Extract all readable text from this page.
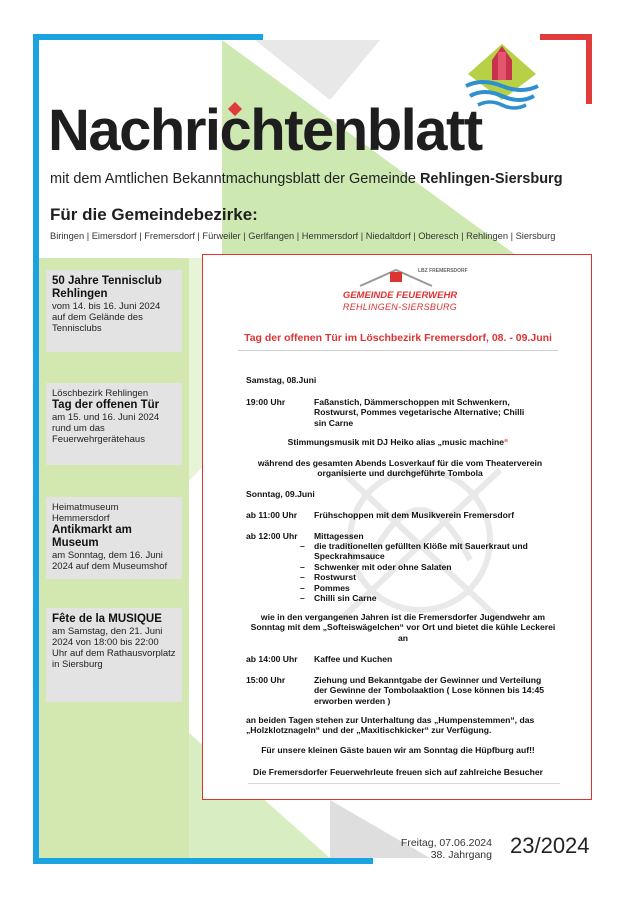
Nachrichtenblatt
mit dem Amtlichen Bekanntmachungsblatt der Gemeinde Rehlingen-Siersburg
Für die Gemeindebezirke:
Biringen | Eimersdorf | Fremersdorf | Fürweiler | Gerlfangen | Hemmersdorf | Niedaltdorf | Oberesch | Rehlingen | Siersburg
50 Jahre Tennisclub Rehlingen
vom 14. bis 16. Juni 2024 auf dem Gelände des Tennisclubs
Löschbezirk Rehlingen
Tag der offenen Tür
am 15. und 16. Juni 2024 rund um das Feuerwehrgerätehaus
Heimatmuseum Hemmersdorf
Antikmarkt am Museum
am Sonntag, dem 16. Juni 2024 auf dem Museumshof
Fête de la MUSIQUE
am Samstag, den 21. Juni 2024 von 18:00 bis 22:00 Uhr auf dem Rathausvorplatz in Siersburg
LBZ FREMERSDORF
GEMEINDE FEUERWEHR
REHLINGEN-SIERSBURG
Tag der offenen Tür im Löschbezirk Fremersdorf, 08. - 09.Juni
Samstag, 08.Juni
19:00 Uhr	Faßanstich, Dämmerschoppen mit Schwenkern, Rostwurst, Pommes vegetarische Alternative; Chilli sin Carne
Stimmungsmusik mit DJ Heiko alias „music machine“
während des gesamten Abends Losverkauf für die vom Theaterverein organisierte und durchgeführte Tombola
Sonntag, 09.Juni
ab 11:00 Uhr Frühschoppen mit dem Musikverein Fremersdorf
ab 12:00 Uhr Mittagessen
–	die traditionellen gefüllten Klöße mit Sauerkraut und Speckrahmsauce
–	Schwenker mit oder ohne Salaten
–	Rostwurst
–	Pommes
–	Chilli sin Carne
wie in den vergangenen Jahren ist die Fremersdorfer Jugendwehr am Sonntag mit dem „Softeiswägelchen“ vor Ort und bietet die kühle Leckerei an
ab 14:00 Uhr Kaffee und Kuchen
15:00 Uhr	Ziehung und Bekanntgabe der Gewinner und Verteilung der Gewinne der Tombolaaktion ( Lose können bis 14:45 erworben werden )
an beiden Tagen stehen zur Unterhaltung das „Humpenstemmen“, das „Holzklotznageln“ und der „Maxitischkicker“ zur Verfügung.
Für unsere kleinen Gäste bauen wir am Sonntag die Hüpfburg auf!!
Die Fremersdorfer Feuerwehrleute freuen sich auf zahlreiche Besucher
Freitag, 07.06.2024
38. Jahrgang 23/2024
